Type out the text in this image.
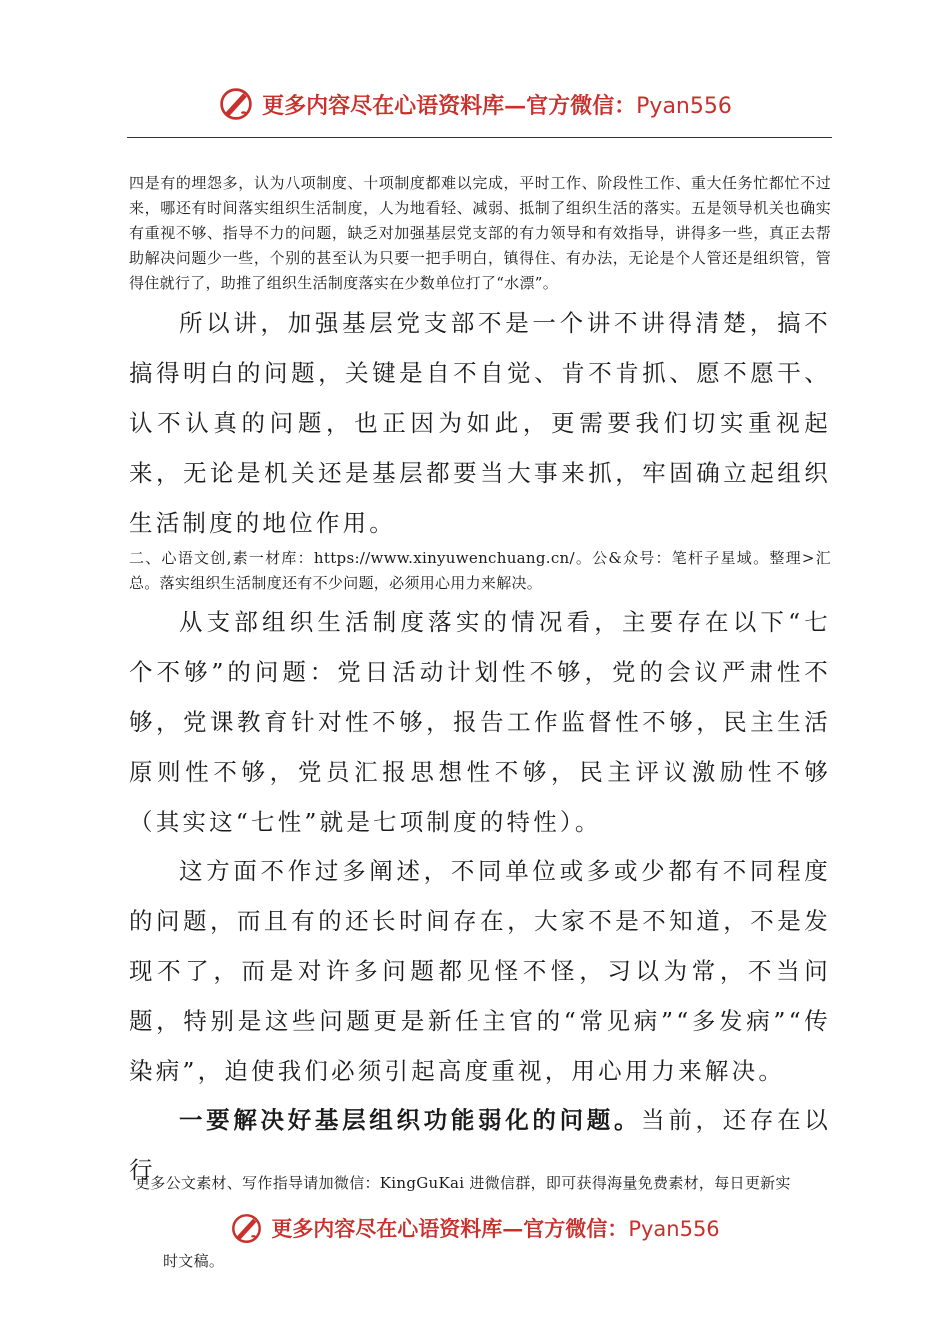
更多内容尽在心语资料库—官方微信：Pyan556

四是有的埋怨多，认为八项制度、十项制度都难以完成，平时工作、阶段性工作、重大任务忙都忙不过来，哪还有时间落实组织生活制度，人为地看轻、减弱、抵制了组织生活的落实。五是领导机关也确实有重视不够、指导不力的问题，缺乏对加强基层党支部的有力领导和有效指导，讲得多一些，真正去帮助解决问题少一些，个别的甚至认为只要一把手明白，镇得住、有办法，无论是个人管还是组织管，管得住就行了，助推了组织生活制度落实在少数单位打了“水漂”。

所以讲，加强基层党支部不是一个讲不讲得清楚，搞不搞得明白的问题，关键是自不自觉、肯不肯抓、愿不愿干、认不认真的问题，也正因为如此，更需要我们切实重视起来，无论是机关还是基层都要当大事来抓，牢固确立起组织生活制度的地位作用。

二、心语文创,素一材库：https://www.xinyuwenchuang.cn/。公&众号：笔杆子星域。整理>汇总。落实组织生活制度还有不少问题，必须用心用力来解决。

从支部组织生活制度落实的情况看，主要存在以下“七个不够”的问题：党日活动计划性不够，党的会议严肃性不够，党课教育针对性不够，报告工作监督性不够，民主生活原则性不够，党员汇报思想性不够，民主评议激励性不够（其实这“七性”就是七项制度的特性）。

这方面不作过多阐述，不同单位或多或少都有不同程度的问题，而且有的还长时间存在，大家不是不知道，不是发现不了，而是对许多问题都见怪不怪，习以为常，不当问题，特别是这些问题更是新任主官的“常见病”“多发病”“传染病”，迫使我们必须引起高度重视，用心用力来解决。

一要解决好基层组织功能弱化的问题。当前，还存在以行

更多公文素材、写作指导请加微信：KingGuKai 进微信群，即可获得海量免费素材，每日更新实
时文稿。

更多内容尽在心语资料库—官方微信：Pyan556
